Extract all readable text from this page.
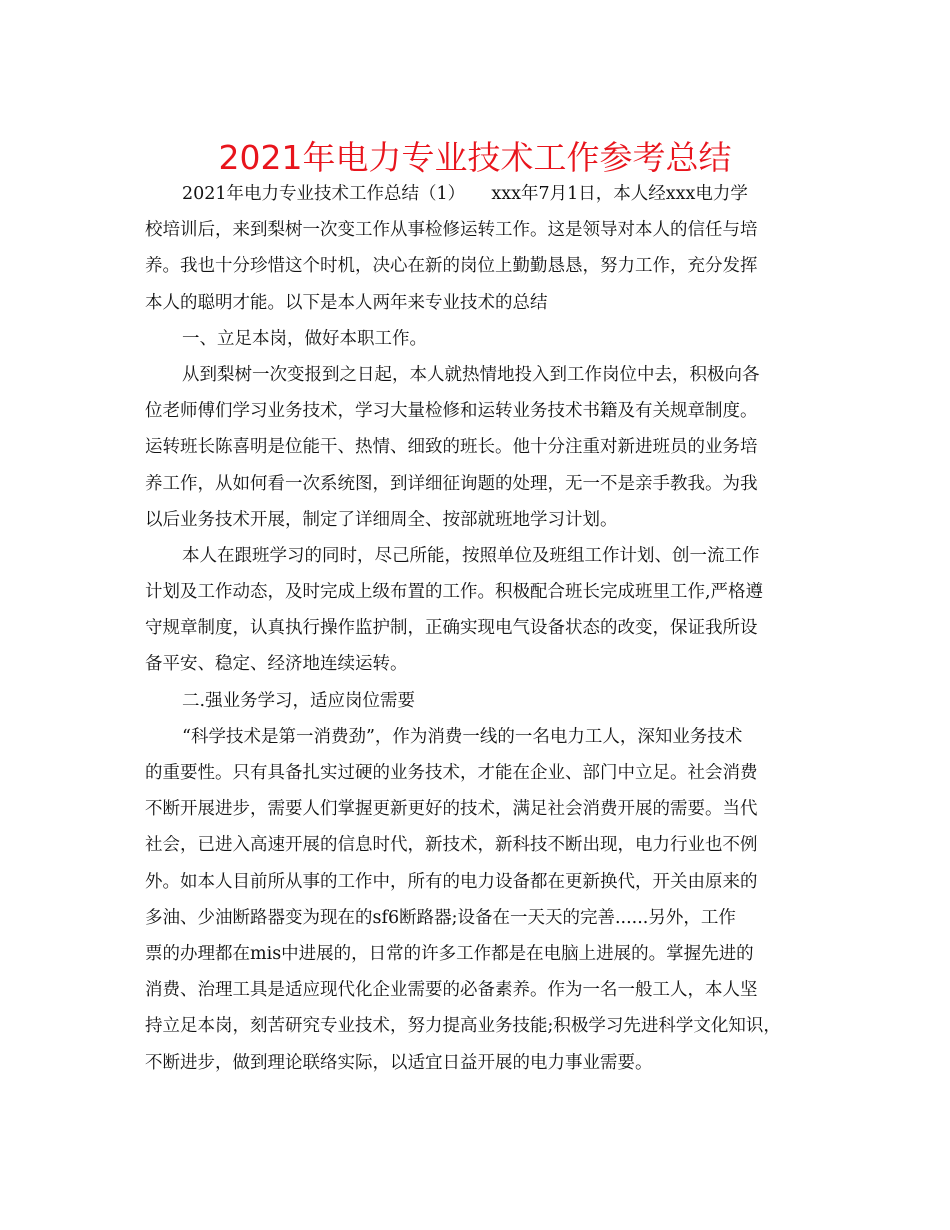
2021年电力专业技术工作参考总结
2021年电力专业技术工作总结（1）　　xxx年7月1日，本人经xxx电力学
校培训后，来到梨树一次变工作从事检修运转工作。这是领导对本人的信任与培
养。我也十分珍惜这个时机，决心在新的岗位上勤勤恳恳，努力工作，充分发挥
本人的聪明才能。以下是本人两年来专业技术的总结
一、立足本岗，做好本职工作。
从到梨树一次变报到之日起，本人就热情地投入到工作岗位中去，积极向各
位老师傅们学习业务技术，学习大量检修和运转业务技术书籍及有关规章制度。
运转班长陈喜明是位能干、热情、细致的班长。他十分注重对新进班员的业务培
养工作，从如何看一次系统图，到详细征询题的处理，无一不是亲手教我。为我
以后业务技术开展，制定了详细周全、按部就班地学习计划。
本人在跟班学习的同时，尽己所能，按照单位及班组工作计划、创一流工作
计划及工作动态，及时完成上级布置的工作。积极配合班长完成班里工作,严格遵
守规章制度，认真执行操作监护制，正确实现电气设备状态的改变，保证我所设
备平安、稳定、经济地连续运转。
二.强业务学习，适应岗位需要
“科学技术是第一消费劲”，作为消费一线的一名电力工人，深知业务技术
的重要性。只有具备扎实过硬的业务技术，才能在企业、部门中立足。社会消费
不断开展进步，需要人们掌握更新更好的技术，满足社会消费开展的需要。当代
社会，已进入高速开展的信息时代，新技术，新科技不断出现，电力行业也不例
外。如本人目前所从事的工作中，所有的电力设备都在更新换代，开关由原来的
多油、少油断路器变为现在的sf6断路器;设备在一天天的完善......另外，工作
票的办理都在mis中进展的，日常的许多工作都是在电脑上进展的。掌握先进的
消费、治理工具是适应现代化企业需要的必备素养。作为一名一般工人，本人坚
持立足本岗，刻苦研究专业技术，努力提高业务技能;积极学习先进科学文化知识，
不断进步，做到理论联络实际，以适宜日益开展的电力事业需要。
